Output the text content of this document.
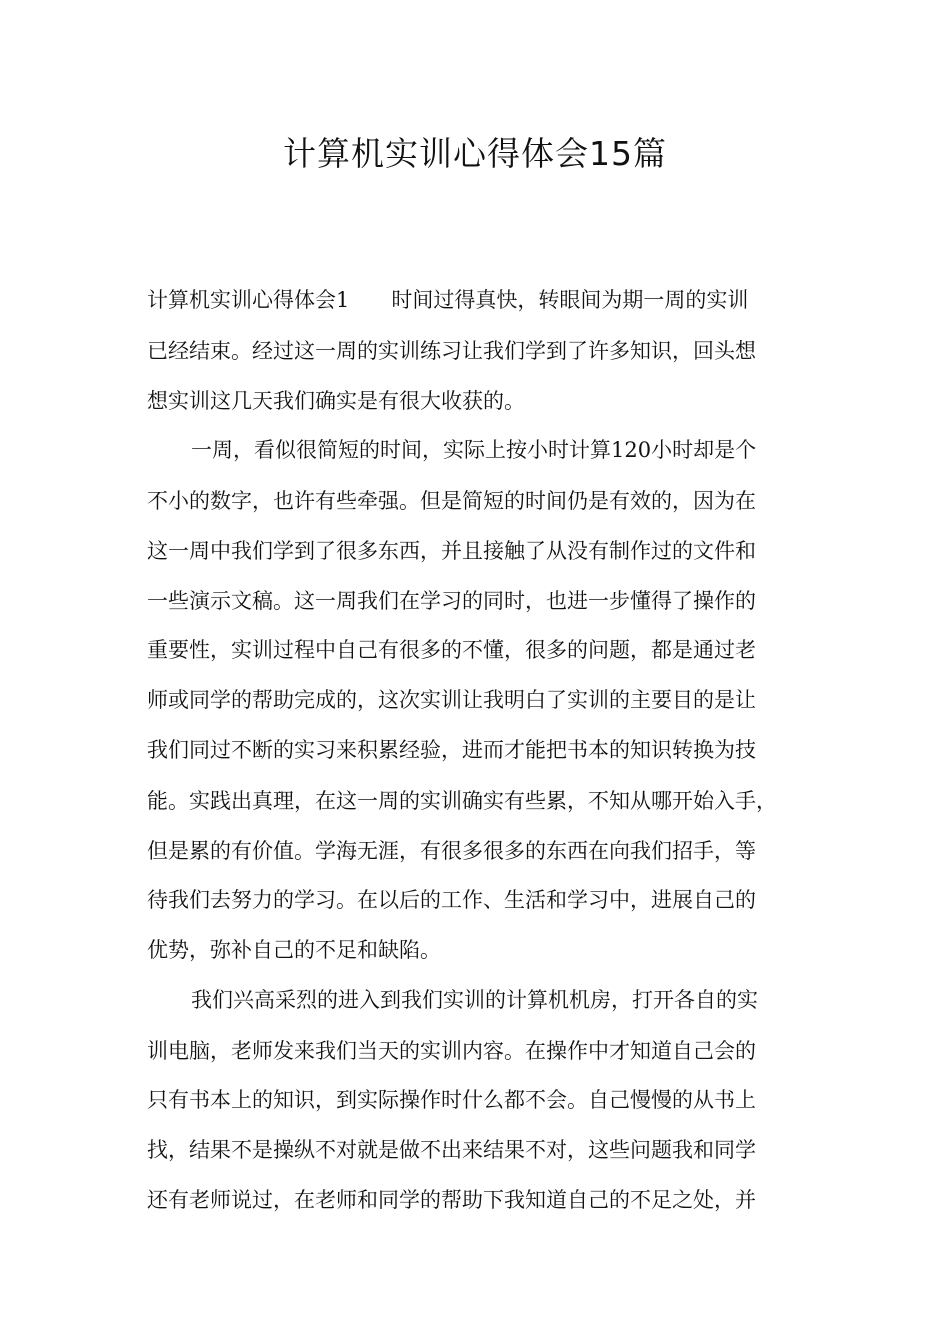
计算机实训心得体会15篇
计算机实训心得体会1　　时间过得真快，转眼间为期一周的实训
已经结束。经过这一周的实训练习让我们学到了许多知识，回头想
想实训这几天我们确实是有很大收获的。
一周，看似很简短的时间，实际上按小时计算120小时却是个
不小的数字，也许有些牵强。但是简短的时间仍是有效的，因为在
这一周中我们学到了很多东西，并且接触了从没有制作过的文件和
一些演示文稿。这一周我们在学习的同时，也进一步懂得了操作的
重要性，实训过程中自己有很多的不懂，很多的问题，都是通过老
师或同学的帮助完成的，这次实训让我明白了实训的主要目的是让
我们同过不断的实习来积累经验，进而才能把书本的知识转换为技
能。实践出真理，在这一周的实训确实有些累，不知从哪开始入手，
但是累的有价值。学海无涯，有很多很多的东西在向我们招手，等
待我们去努力的学习。在以后的工作、生活和学习中，进展自己的
优势，弥补自己的不足和缺陷。
我们兴高采烈的进入到我们实训的计算机机房，打开各自的实
训电脑，老师发来我们当天的实训内容。在操作中才知道自己会的
只有书本上的知识，到实际操作时什么都不会。自己慢慢的从书上
找，结果不是操纵不对就是做不出来结果不对，这些问题我和同学
还有老师说过，在老师和同学的帮助下我知道自己的不足之处，并
